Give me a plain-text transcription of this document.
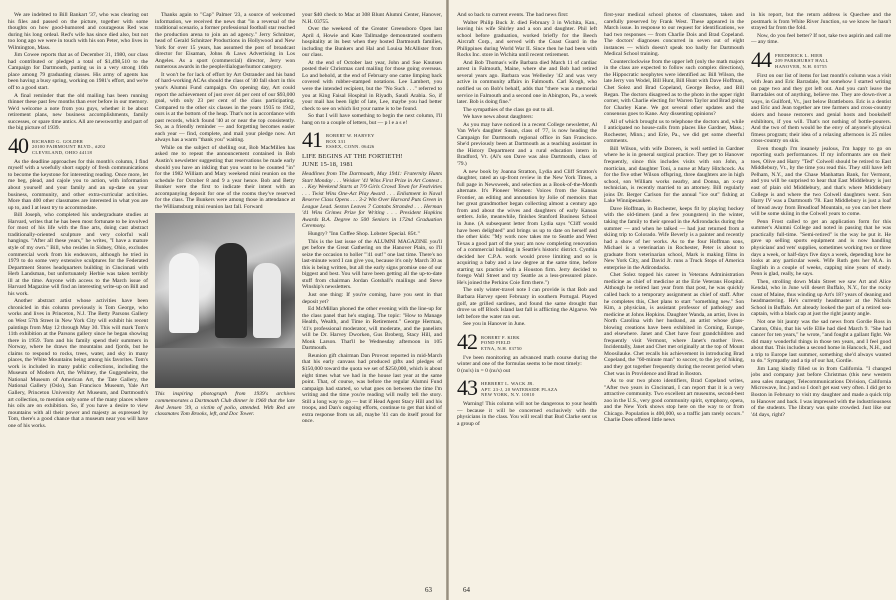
We are indebted to Bill Bankart '37, who was clearing out his files and passed on the picture, together with some thoughts on how good-humored and courageous Red was during his long ordeal. Red's wife has since died also, but not too long ago we were in touch with his son Peter, who lives in Wilmington, Mass.

Jim Cowee reports that as of December 31, 1980, our class had contributed or pledged a total of $1,498,510 to the Campaign for Dartmouth, putting us in a very strong 16th place among 79 graduating classes. His army of agents has been having a busy spring, working on 1981's effort, and we're off to a good start.

A final reminder that the old mailing has been running thinner these past few months than ever before in our memory. We'd welcome a note from you guys, whether it be about retirement plans, new business accomplishments, family successes, or spare time antics. All are newsworthy and part of the big picture of 1939.

40 RICHARD G. GOLDER
20100 FAIRMOUNT BLVD., #202
CLEVELAND, OHIO 44118

As the deadline approaches for this month's column, I find myself with a woefully short supply of fresh communications to become the keystone for interesting reading. Once more, let me beg, plead, and cajole you to action, with information about yourself and your family and an up-date on your business, community, and other extra-curricular activities. More than 400 other classmates are interested in what you are up to, and I at least try to accommodate.

Bill Joseph, who completed his undergraduate studies at Harvard, writes that he has been most fortunate to be involved for most of his life with the fine arts, doing cast abstract traditionally-oriented sculpture and very colorful wall hangings. "After all these years," he writes, "I have a mature style of my own." Bill, who resides in Sidney, Ohio, excludes commercial work from his endeavors, although he tried in 1979 to do some very extensive sculptures for the Federated Department Stores headquarters building in Cincinnati with Herb Landsman, but unfortunately Herbie was taken terribly ill at the time. Anyone with access to the March issue of Harvard Magazine will find an interesting write-up on Bill and his work.

Another abstract artist whose activities have been chronicled in this column previously is Tom George, who works and lives in Princeton, N.J. The Betty Parsons Gallery on West 57th Street in New York City will exhibit his recent paintings from May 12 through May 30. This will mark Tom's 11th exhibition at the Parsons gallery since he began showing there in 1959. Tom and his family spend their summers in Norway, where he draws the mountains and fjords, but he claims to respond to rocks, trees, water, and sky in many places, the White Mountains being among his favorites. Tom's work is included in many public collections, including the Museum of Modern Art, the Whitney, the Guggenheim, the National Museum of American Art, the Tate Gallery, the National Gallery (Oslo), San Francisco Museum, Yale Art Gallery, Princeton University Art Museum, and Dartmouth's art collection, to mention only some of the many places where his oils are on exhibition. So, if you have a desire to view mountains with all their power and majesty as expressed by Tom, there's a good chance that a museum near you will have one of his works.

Thanks again to "Cap" Palmer '23, a source of welcomed information, we received the news that "in a reversal of the traditional scenario, a former professional football star reached the production arena to join an ad agency." Jerry Schnitzer, head of Gerald Schnitzer Productions in Hollywood and New York for over 15 years, has assumed the post of broadcast director for Eisaman, Johns & Laws Advertising in Los Angeles. As a sport (commercial) director, Jerry won numerous awards in the people/dialogue/humor category.

It won't be for lack of effort by Art Ostrander and his band of hard-working ACAs should the class of '40 fall short in this year's Alumni Fund campaign. On opening day, Art could report the achievement of just over 44 per cent of our $93,000 goal, with only 23 per cent of the class participating. Compared to the other six classes in the years 1935 to 1942, ours is at the bottom of the heap. That's not in accordance with past records, which found '40 at or near the top consistently. So, as a friendly reminder — and forgetting becomes easier each year — find, complete, and mail your pledge now. Art always has a warm "thank you" waiting.

While on the subject of shelling out, Bob MacMillen has asked me to repeat the announcement contained in Bob Austin's newsletter suggesting that reservations be made early should you have an inkling that you want to be counted "in" for the 1982 William and Mary weekend mini reunion on the schedule for October 8 and 9 a year hence. Bob and Betty Bunker were the first to indicate their intent with an accompanying deposit for one of the rooms they've reserved for the class. The Bunkers were among those in attendance at the Williamsburg mini reunion last fall. Forward

This inspiring photograph from 1939's archives commemorates a Dartmouth Club dinner in 1960 that the late Red Jensen '39, a victim of polio, attended. With Red are classmates Tom Brooks, left, and Doc Tower.

your $40 check to Mac at 308 Blunt Alumni Center, Hanover, N.H. 03755.

Over the weekend of the Greater Greensboro Open last April 4, Howie and Kate Tallmadge demonstrated southern hospitality at its best when they hosted Dartmouth families, including the Bunkers and Hal and Louisa McAllister from our class.

At the end of October last year, John and Sue Knutsen posted their Christmas card mailing for those going overseas. Lo and behold, at the end of February one came limping back covered with rubber-stamped notations. Lee Lambert, you were the intended recipient, but the "No Such . . ." referred to you at King Faisal Hospital in Riyadh, Saudi Arabia. So, if your mail has been light of late, Lee, maybe you had better check to see on which list your name is to be found.

So that I will have something to begin the next column, I'll hang on to a couple of letters, but — p l e a s e!

41 ROBERT W. HARVEY
BOX 331
ESSEX, CONN. 06426
LIFE BEGINS AT THE FORTIETH!
JUNE 15-18, 1981

Headlines from The Dartmouth, May 1941: Fraternity Hunts Start Monday . . . Weisker '41 Wins First Prize in Art Contest . . . Key Weekend Starts at 7/9 Girls Crowd Town for Festivities . . . Twist Wins One-Act Play Award . . . Enlistment in Naval Reserve Class Opens . . . 3-2 Win Over Harvard Puts Green in League Lead. Sexton Leaves 7 Cantabs Stranded . . . Herman '41 Wins Grimes Prize for Writing . . . President Hopkins Awards B.A. Degree to 500 Seniors in 172nd Graduation Ceremony.

Hungry? "Inn Coffee Shop. Lobster Special. 85¢."

This is the last issue of the ALUMNI MAGAZINE you'll get before the Great Gathering on the Hanover Plain, so I'll seize the occasion to holler "'41 out!" one last time. There's no last-minute word I can give you, because it's only March 30 as this is being written, but all the early signs promise one of our biggest and best. You will have been getting all the up-to-date stuff from chairman Jordan Gotshall's mailings and Steve Winship's newsletters.

Just one thing: If you're coming, have you sent in that deposit yet?

Ed McMillan phoned the other evening with the line-up for the class panel that he's staging. The topic: "How to Manage Health, Wealth, and Time in Retirement." George Herman, '41's professional moderator, will moderate, and the panelists will be Dr. Harvey Dworken, Gus Broberg, Stacy Hill, and Monk Larson. That'll be Wednesday afternoon in 105 Dartmouth.

Reunion gift chairman Dan Provost reported in mid-March that his early canvass had produced gifts and pledges of $150,000 toward the quota we set of $250,000, which is about eight times what we had in the house last year at the same point. That, of course, was before the regular Alumni Fund campaign had started, so what goes on between the time I'm writing and the time you're reading will really tell the story. Still a long way to go — but if Head Agent Stacy Hill and his troops, and Dan's ongoing efforts, continue to get that kind of extra response from us all, maybe '41 can do itself proud for once.

63

And so back to current events. The bad news first:

Walter Philip Buck Jr. died February 3 in Wichita, Kan., leaving his wife Shirley and a son and daughter. Phil left school before graduation, worked briefly for the Beech Aircraft Corp., and served with the Coast Guard in the Philippines during World War II. Since then he had been with Rocks Inc. store in Wichita until recent retirement.

And Bob Thomas's wife Barbara died March 11 of cardiac arrest in Falmouth, Maine, where she and Bob had retired several years ago. Barbara was Wellesley '42 and was very active in community affairs in Falmouth. Carl Krogh, who notified us on Bob's behalf, adds that "there was a memorial service in Falmouth and a second one in Abington, Pa., a week later. Bob is doing fine."

The sympathies of the class go out to all.

We have news about daughters:

As you may have noticed in a recent College newsletter, Al Van Wie's daughter Susan, class of '77, is now heading the Campaign for Dartmouth regional office in San Francisco. She'd previously been at Dartmouth as a teaching assistant in the History Department and a rural education intern in Bradford, Vt. (Al's son Dave was also Dartmouth, class of '79.)

A new book by Joanna Stratton, Lydia and Cliff Stratton's daughter, rated an up-front review in the New York Times, a full page in Newsweek, and selection as a Book-of-the-Month alternate. It's Pioneer Women: Voices from the Kansas Frontier, an editing and annotation by Jolie of memoirs that her great grandmother began collecting almost a century ago from and about the wives and daughters of early Kansas settlers. Jolie, meanwhile, finishes Stanford Business School in June. (A subsequent letter from Lydia says "Cliff would have been delighted" and brings us up to date on herself and the other kids: "My work now takes me to Seattle and West Texas a good part of the year; am now completing renovation of a commercial building in Seattle's historic district. Cynthia decided her C.P.A. work would prove limiting and so is acquiring a baby and a law degree at the same time, before starting tax practice with a Houston firm. Jerry decided to forego Wall Street and try Seattle as a less-pressured place. He's joined the Perkins Coie firm there.")

The only winter-travel note I can provide is that Bob and Barbara Harvey spent February in southern Portugal. Played golf, ate grilled sardines, and found the same drought that drove us off Block Island last fall is afflicting the Algarve. We left before the water ran out.

See you in Hanover in June.

42 ROBERT F. KIRK
POND FIELD
ETNA, N.H. 03750

I've been monitoring an advanced math course during the winter and one of the formulas seems to be most timely:
0 (nu's) in = 0 (nu's) out

43 HERBERT L. WACK JR.
APT. 23-J, 20 WATERSIDE PLAZA
NEW YORK, N.Y. 10010

Warning! This column will not be dangerous to your health — because it will be concerned exclusively with the physicians in the class. You will recall that Bud Clarke sent us a group of

first-year medical school photos of classmates, taken and carefully preserved by Frank West. These appeared in the March issue. In response to our request for identifications, we had two responses — from Charlie Dois and Brad Copeland. The doctors' diagnoses concurred in seven out of eight instances — which doesn't speak too badly for Dartmouth Medical School training.

Counterclockwise from the upper left (only the math majors in the class are expected to follow such complex directions), the Hippocratic neophytes were identified as: Bill Wilson, the late Jerry von Wodel, Bill Hunt, Bill Hunt with Dave Hoffman, Chet Solez and Brad Copeland, George Becke, and Bill Regan. The doctors disagreed as to the photo in the upper right corner, with Charlie electing for Warren Taylor and Brad going for Charley Kane. We got several other updates and the consensus goes to Kane. Any dissenting opinions?

All of which brought us to telephone the doctors and, while I anticipated no house-calls from places like Gardner, Mass.; Rochester, Minn.; and Erie, Pa., we did get some cheerful comments.

Bill Wilson, with wife Doreen, is well settled in Gardner where he is in general surgical practice. They get to Hanover frequently, since this includes visits with son John, a mortician, and daughter Toni, a nurse at Mary Hitchcock. As for the five other Wilson offspring, three daughters are in high school, son William works nearby, and Donna, an x-ray technician, is recently married to an attorney. Bill regularly joins Dr. Berger Carlson for the annual "ice out" fishing at Lake Winnipesaukee.

Dave Hoffman, in Rochester, keeps fit by playing hockey with the old-timers (and a few youngsters) in the winter, taking the family to their spread in the Adirondacks during the summer — and when he talked — had just returned from a skiing trip to Colorado. Wife Beverly is a painter and recently had a show of her works. As to the four Hoffman sons, Michael is a veterinarian in Rochester, Peter is about to graduate from veterinarian school, Mark is making films in New York City, and David Jr. runs a Truck Stops of America enterprise in the Adirondacks.

Chet Solez topped his career in Veterans Administration medicine as chief of medicine at the Erie Veterans Hospital. Although he retired last year from that post, he was quickly called back to a temporary assignment as chief of staff. After he completes this, Chet plans to start "something new." Son Kim, a physician, is assistant professor of pathology and medicine at Johns Hopkins. Daughter Wanda, an artist, lives in North Carolina with her husband, an artist whose glass-blowing creations have been exhibited in Corning, Europe, and elsewhere. Janet and Chet have four grandchildren and frequently visit Vermont, where Janet's mother lives. Incidentally, Janet and Chet met originally at the top of Mount Moosilauke. Chet recalls his achievement in introducing Brad Copeland, the "60-minute man" to soccer, to the joy of hiking, and they got together frequently during the recent period when Chet was in Providence and Brad in Boston.

As to our two photo identifiers, Brad Copeland writes, "After two years in Cincinnati, I can report that it is a very attractive community. Two excellent art museums, second-best zoo in the U.S., very good community spirit, symphony, opera, and the New York shows stop here on the way to or from Chicago. Population is 400,000, so a traffic jam rarely occurs." Charlie Does offered little news

in his report, but the return address is Quechee and the postmark is from White River Junction, so we know he hasn't strayed far from the fold.

Now, do you feel better? If not, take two aspirin and call me — any time.

44 FREDERICK L. HIER
209 PARKHURST HALL
HANOVER, N.H. 03755

First on our list of items for last month's column was a visit with Jean and Eric Barradale, but somehow I started writing on page two and they got left out. And you can't leave the Barradales out of anything, believe me. They are down-river a ways, in Guilford, Vt., just below Brattleboro. Eric is a dentist and Eric and Jean together are tree farmers and cross-country skiers and house restorers and genial hosts and bookshelf exhibitors, if you will. That's not nothing of bottle-pourers. And the two of them would be the envy of anyone's physical fitness program; their idea of a relaxing afternoon is 25 miles cross-country on skis.

Even though I'm insanely jealous, I'm happy to go on reporting such performances. If my informants are on their toes, Olive and Harry "Ted" Colwell should be retired to East Middlebury, Vt., by the time you read this. They still have left Pelham, N.Y., and the Chase Manhattan Bank, for Vermont, and you will be surprised to hear that East Middlebury is just east of plain old Middlebury, and that's where Middlebury College is and where the two Colwell daughters went. Son Harry IV was a Dartmouth '78. East Middlebury is just a loaf of bread away from Breadloaf Mountain, so you can bet there will be some skiing in the Colwell years to come.

Penn Frost called to get an application form for this summer's Alumni College and noted in passing that he was practically full-time. "Semi-retired" is the way he put it. He gave up selling sports equipment and is now handling physicians' and vets' supplies, sometimes working two or three days a week, or half-days five days a week, depending how he looks at any particular week. Wife Ruth gets her M.A. in English in a couple of weeks, capping nine years of study. Penn is glad, really, he says.

Then, strolling down Main Street we saw Art and Alice Kendal, who in June will desert Buffalo, N.Y., for the rocky coast of Maine, thus winding up Art's 18? years of deaning and headmastering. He's currently headmaster at the Nichols School in Buffalo. Art already looked the part of a retired sea-captain, with a black cap at just the right jaunty angle.

Not one bit jaunty was the sad news from Gordie Ross in Canton, Ohio, that his wife Ellie had died March 9. "She had cancer for ten years," he wrote, "and fought a gallant fight. We did many wonderful things in those ten years, and I feel good about that. This includes a second home in Hancock, N.H., and a trip to Europe last summer, something she'd always wanted to do." Sympathy and a tip of our hat, Gordie.

Jim Lang kindly filled us in from California. "I changed jobs and company just before Christmas (this new western area sales manager, Telecommunications Division, California Microwave, Inc.) and so I don't get east very often. I did get to Boston in February to visit my daughter and made a quick trip to Hanover and back. I was impressed with the industriousness of the students. The library was quite crowded. Just like our '44 days, right?

64
